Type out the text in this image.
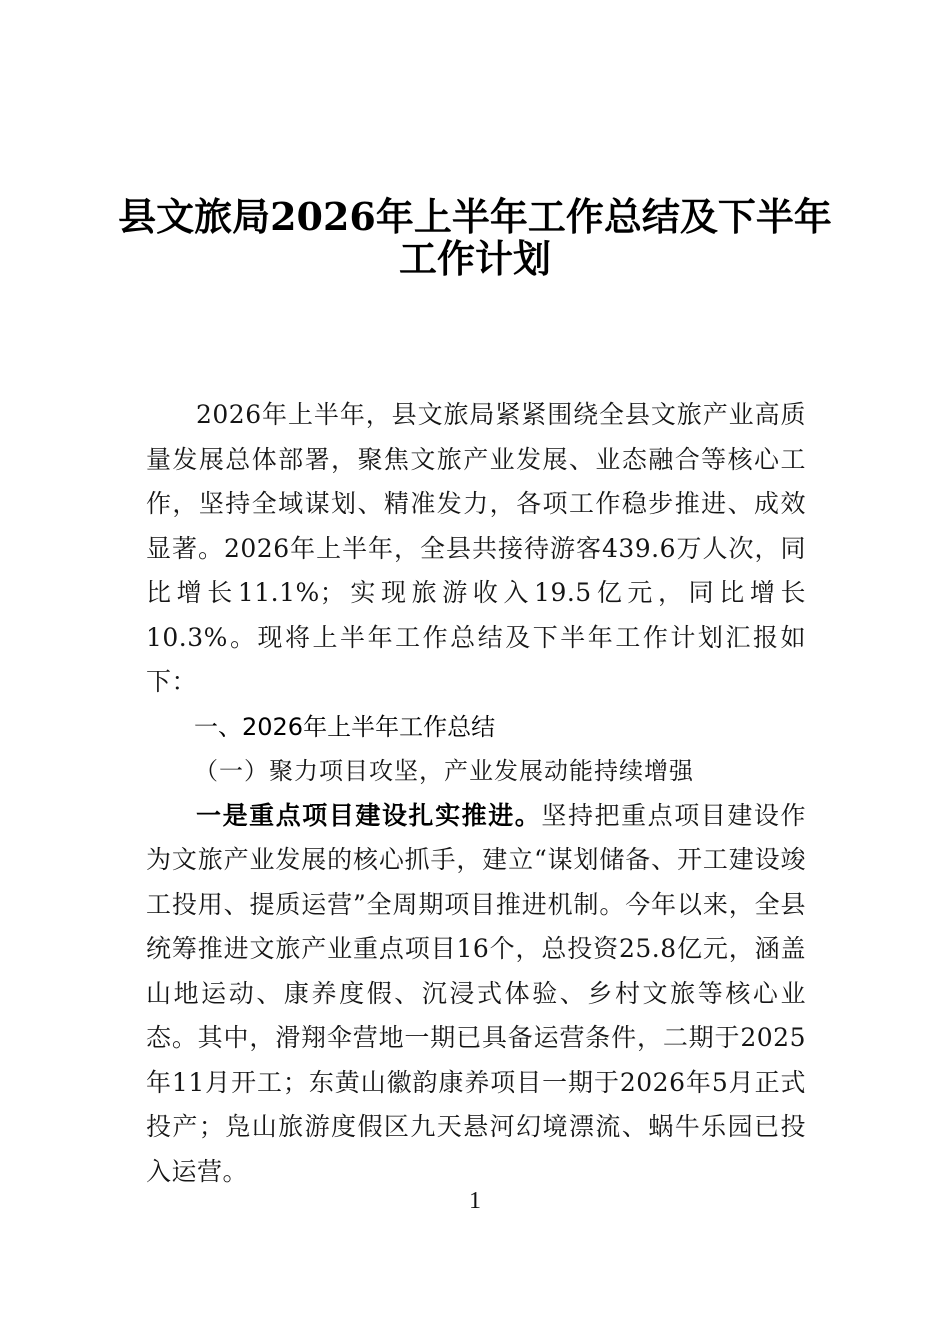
县文旅局2026年上半年工作总结及下半年
工作计划

2026年上半年，县文旅局紧紧围绕全县文旅产业高质量发展总体部署，聚焦文旅产业发展、业态融合等核心工作，坚持全域谋划、精准发力，各项工作稳步推进、成效显著。2026年上半年，全县共接待游客439.6万人次，同比增长11.1%；实现旅游收入19.5亿元，同比增长10.3%。现将上半年工作总结及下半年工作计划汇报如下：

一、2026年上半年工作总结

（一）聚力项目攻坚，产业发展动能持续增强

一是重点项目建设扎实推进。坚持把重点项目建设作为文旅产业发展的核心抓手，建立“谋划储备、开工建设竣工投用、提质运营”全周期项目推进机制。今年以来，全县统筹推进文旅产业重点项目16个，总投资25.8亿元，涵盖山地运动、康养度假、沉浸式体验、乡村文旅等核心业态。其中，滑翔伞营地一期已具备运营条件，二期于2025年11月开工；东黄山徽韵康养项目一期于2026年5月正式投产；凫山旅游度假区九天悬河幻境漂流、蜗牛乐园已投入运营。

1
